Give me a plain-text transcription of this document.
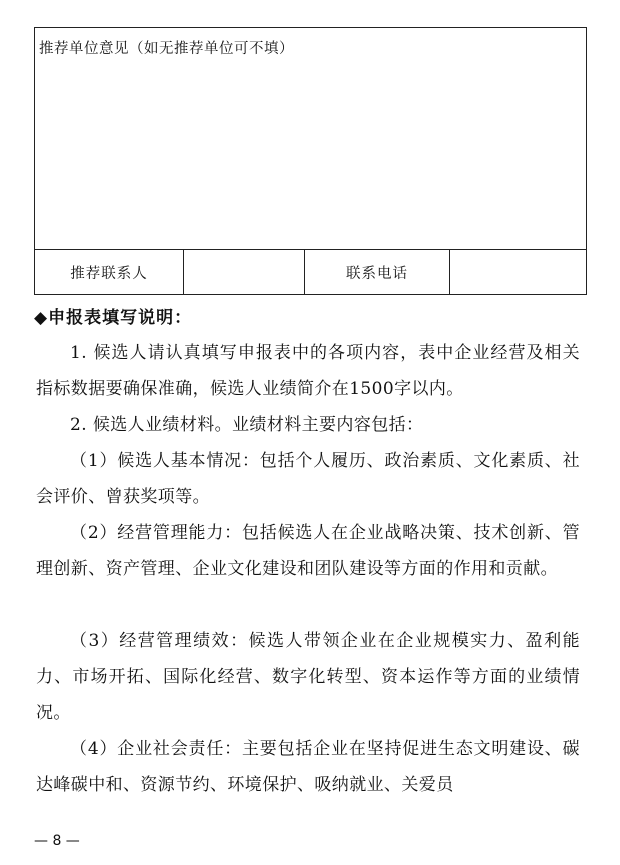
推荐单位意见（如无推荐单位可不填）
推荐联系人	联系电话
◆申报表填写说明：
1. 候选人请认真填写申报表中的各项内容，表中企业经营及相关指标数据要确保准确，候选人业绩简介在1500字以内。
2. 候选人业绩材料。业绩材料主要内容包括：
（1）候选人基本情况：包括个人履历、政治素质、文化素质、社会评价、曾获奖项等。
（2）经营管理能力：包括候选人在企业战略决策、技术创新、管理创新、资产管理、企业文化建设和团队建设等方面的作用和贡献。
（3）经营管理绩效：候选人带领企业在企业规模实力、盈利能力、市场开拓、国际化经营、数字化转型、资本运作等方面的业绩情况。
（4）企业社会责任：主要包括企业在坚持促进生态文明建设、碳达峰碳中和、资源节约、环境保护、吸纳就业、关爱员
— 8 —
